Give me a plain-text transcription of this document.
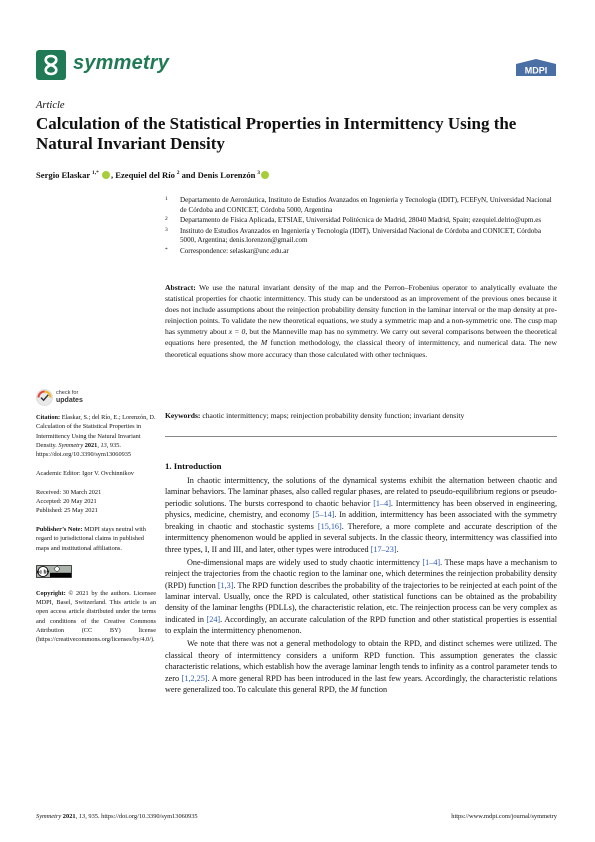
symmetry	MDPI
Article
Calculation of the Statistical Properties in Intermittency Using the Natural Invariant Density
Sergio Elaskar  $^{1,*}$ , Ezequiel del Río  $^2$ and Denis Lorenzón  $^3$
1 Departamento de Aeronáutica, Instituto de Estudios Avanzados en Ingeniería y Tecnología (IDIT), FCEFyN, Universidad Nacional de Córdoba and CONICET, Córdoba 5000, Argentina
2 Departamento de Física Aplicada, ETSIAE, Universidad Politécnica de Madrid, 28040 Madrid, Spain; ezequiel.delrio@upm.es
3 Instituto de Estudios Avanzados en Ingeniería y Tecnología (IDIT), Universidad Nacional de Córdoba and CONICET, Córdoba 5000, Argentina; denis.lorenzon@gmail.com
* Correspondence: selaskar@unc.edu.ar
Abstract: We use the natural invariant density of the map and the Perron–Frobenius operator to analytically evaluate the statistical properties for chaotic intermittency. This study can be understood as an improvement of the previous ones because it does not include assumptions about the reinjection probability density function in the laminar interval or the map density at pre-reinjection points. To validate the new theoretical equations, we study a symmetric map and a non-symmetric one. The cusp map has symmetry about x = 0, but the Manneville map has no symmetry. We carry out several comparisons between the theoretical equations here presented, the M function methodology, the classical theory of intermittency, and numerical data. The new theoretical equations show more accuracy than those calculated with other techniques.
Keywords: chaotic intermittency; maps; reinjection probability density function; invariant density
check for
updates
Citation: Elaskar, S.; del Río, E.; Lorenzón, D. Calculation of the Statistical Properties in Intermittency Using the Natural Invariant Density. Symmetry 2021, 13, 935. https://doi.org/10.3390/sym13060935
Academic Editor: Igor V. Ovchinnikov
Received: 30 March 2021
Accepted: 20 May 2021
Published: 25 May 2021
Publisher’s Note: MDPI stays neutral with regard to jurisdictional claims in published maps and institutional affiliations.
cc by
Copyright: © 2021 by the authors. Licensee MDPI, Basel, Switzerland. This article is an open access article distributed under the terms and conditions of the Creative Commons Attribution (CC BY) license (https://creativecommons.org/licenses/by/4.0/).
1. Introduction

In chaotic intermittency, the solutions of the dynamical systems exhibit the alternation between chaotic and laminar behaviors. The laminar phases, also called regular phases, are related to pseudo-equilibrium regions or pseudo-periodic solutions. The bursts correspond to chaotic behavior [1–4]. Intermittency has been observed in engineering, physics, medicine, chemistry, and economy [5–14]. In addition, intermittency has been associated with the symmetry breaking in chaotic and stochastic systems [15,16]. Therefore, a more complete and accurate description of the intermittency phenomenon would be applied in several subjects. In the classic theory, intermittency was classified into three types, I, II and III, and later, other types were introduced [17–23].

One-dimensional maps are widely used to study chaotic intermittency [1–4]. These maps have a mechanism to reinject the trajectories from the chaotic region to the laminar one, which determines the reinjection probability density (RPD) function [1,3]. The RPD function describes the probability of the trajectories to be reinjected at each point of the laminar interval. Usually, once the RPD is calculated, other statistical functions can be obtained as the probability density of the laminar lengths (PDLLs), the characteristic relation, etc. The reinjection process can be very complex as indicated in [24]. Accordingly, an accurate calculation of the RPD function and other statistical properties is essential to explain the intermittency phenomenon.

We note that there was not a general methodology to obtain the RPD, and distinct schemes were utilized. The classical theory of intermittency considers a uniform RPD function. This assumption generates the classic characteristic relations, which establish how the average laminar length tends to infinity as a control parameter tends to zero [1,2,25]. A more general RPD has been introduced in the last few years. Accordingly, the characteristic relations were generalized too. To calculate this general RPD, the M function

Symmetry 2021, 13, 935. https://doi.org/10.3390/sym13060935	https://www.mdpi.com/journal/symmetry
